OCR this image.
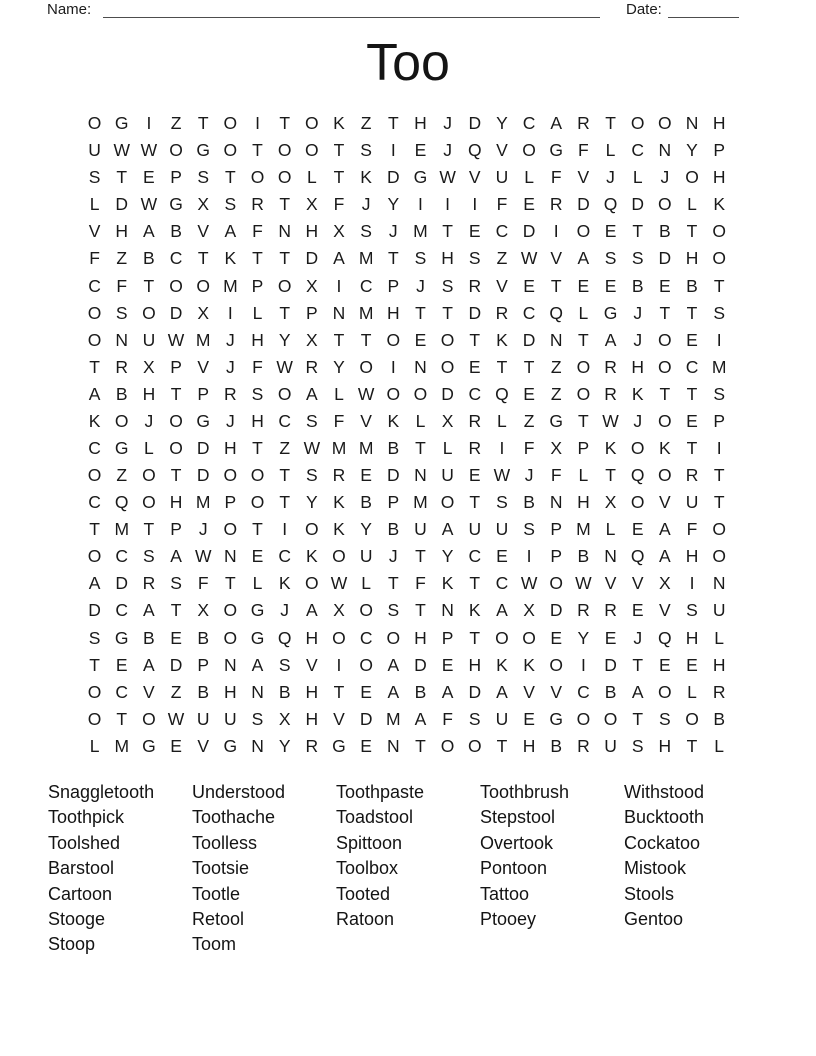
Name:	Date:
Too
O G	I	Z T O	I	T O K Z T H J D Y C A R T O O N H
U W W O G O T O O T S	I	E J Q V O G F L C N Y P
S T E P S T O O L T K D G W V U L F V J	L	J O H
L D W G X S R T X F J Y	I	I	I	F E R D Q D O L K
V H A B V A F N H X S J M T E C D	I	O E T B T O
F Z B C T K T T D A M T S H S Z W V A S S D H O
C F T O O M P O X	I	C P J S R V E T E E B E B T
O S O D X	I	L T P N M H T T D R C Q L G J T T S
O N U W M J H Y X T T O E O T K D N T A J O E	I
T R X P V J F W R Y O	I	N O E T T Z O R H O C M
A B H T P R S O A L W O O D C Q E Z O R K T T S
K O J O G J H C S F V K L X R L Z G T W J O E P
C G L O D H T Z W M M B T L R	I	F X P K O K T	I
O Z O T D O O T S R E D N U E W J F L T Q O R T
C Q O H M P O T Y K B P M O T S B N H X O V U T
T M T P J O T	I	O K Y B U A U U S P M L E A F O
O C S A W N E C K O U J T Y C E	I	P B N Q A H O
A D R S F T L K O W L T F K T C W O W V V X	I	N
D C A T X O G J A X O S T N K A X D R R E V S U
S G B E B O G Q H O C O H P T O O E Y E J Q H L
T E A D P N A S V	I	O A D E H K K O	I	D T E E H
O C V Z B H N B H T E A B A D A V V C B A O L R
O T O W U U S X H V D M A F S U E G O O T S O B
L M G E V G N Y R G E N T O O T H B R U S H T L
Snaggletooth
Toothpick
Toolshed
Barstool
Cartoon
Stooge
Stoop
Understood
Toothache
Toolless
Tootsie
Tootle
Retool
Toom
Toothpaste
Toadstool
Spittoon
Toolbox
Tooted
Ratoon
Toothbrush
Stepstool
Overtook
Pontoon
Tattoo
Ptooey
Withstood
Bucktooth
Cockatoo
Mistook
Stools
Gentoo
